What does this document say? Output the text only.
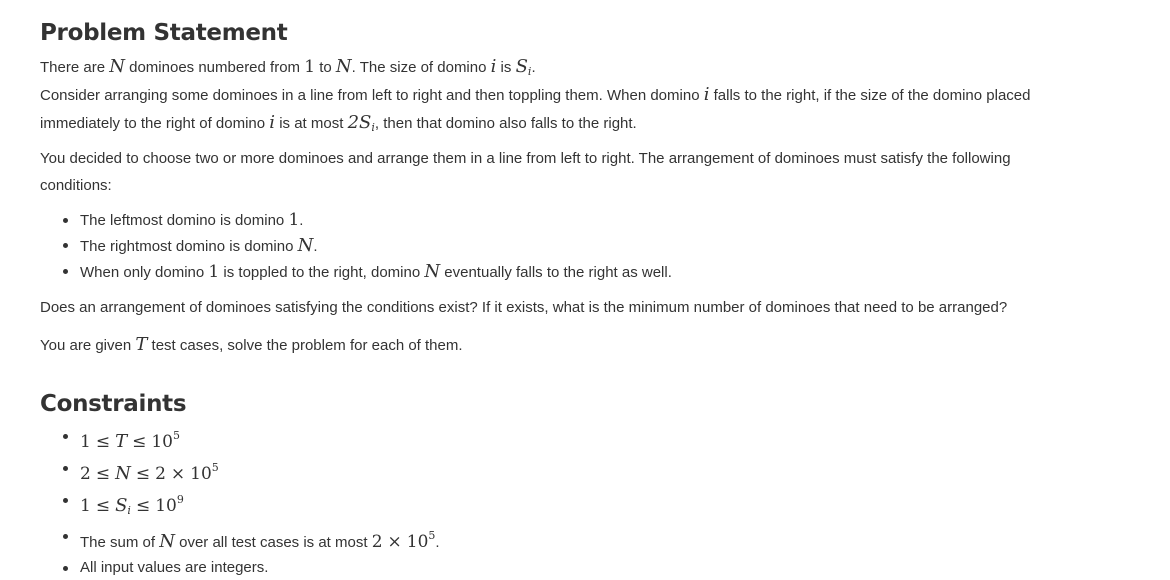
Problem Statement

There are N dominoes numbered from 1 to N. The size of domino i is $S_i$.

Consider arranging some dominoes in a line from left to right and then toppling them. When domino i falls to the right, if the size of the domino placed
immediately to the right of domino i is at most $2S_i$, then that domino also falls to the right.

You decided to choose two or more dominoes and arrange them in a line from left to right. The arrangement of dominoes must satisfy the following
conditions:

The leftmost domino is domino 1.
The rightmost domino is domino N.
When only domino 1 is toppled to the right, domino N eventually falls to the right as well.

Does an arrangement of dominoes satisfying the conditions exist? If it exists, what is the minimum number of dominoes that need to be arranged?

You are given T test cases, solve the problem for each of them.

Constraints
$1 \le T \le 10^5$
$2 \le N \le 2 \times 10^5$
$1 \le S_i \le 10^9$
The sum of N over all test cases is at most $2 \times 10^5$.
All input values are integers.
